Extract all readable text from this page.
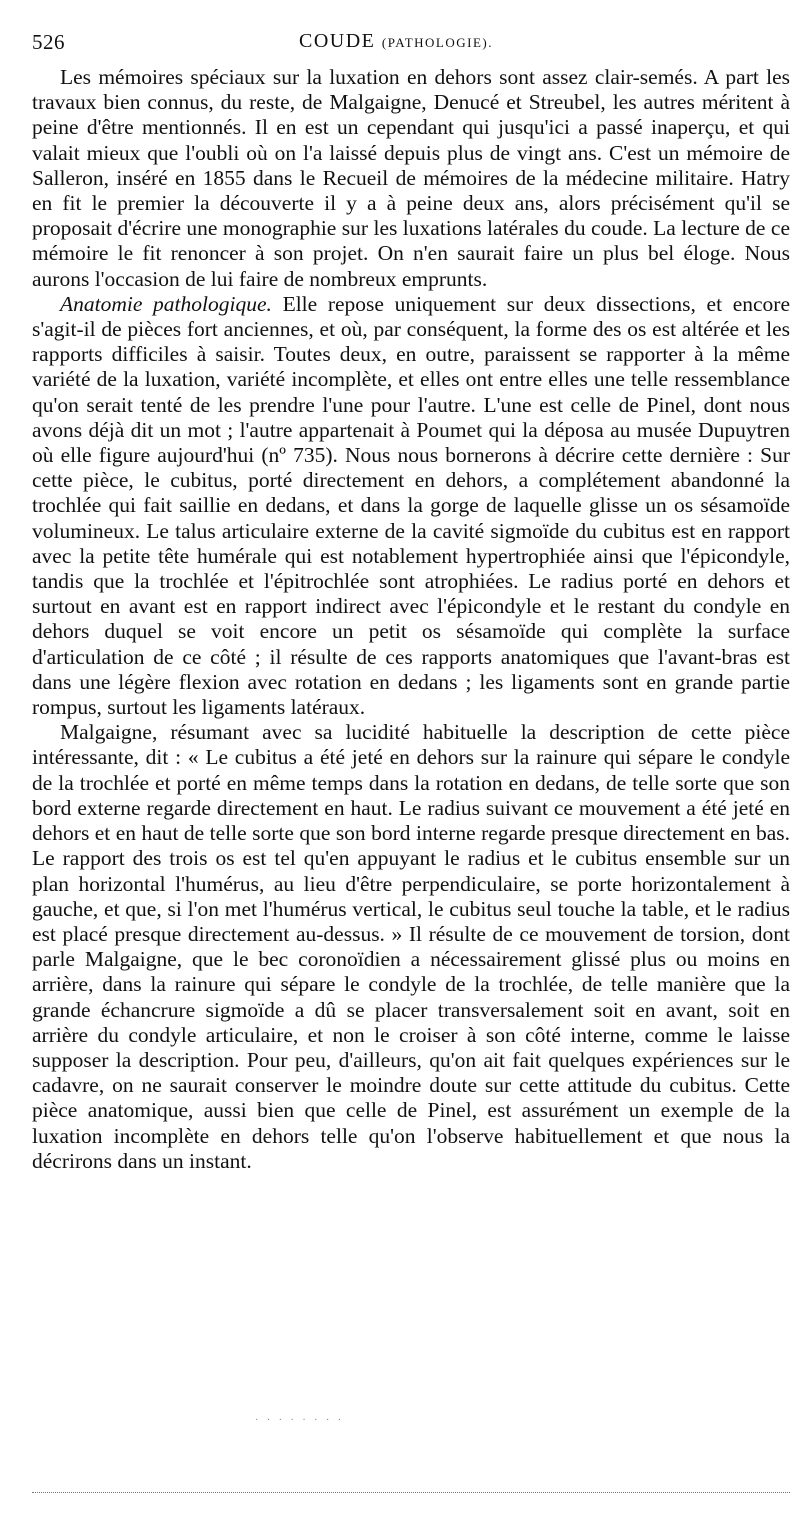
526	COUDE (PATHOLOGIE).

Les mémoires spéciaux sur la luxation en dehors sont assez clair-semés. A part les travaux bien connus, du reste, de Malgaigne, Denucé et Streubel, les autres méritent à peine d'être mentionnés. Il en est un cependant qui jusqu'ici a passé inaperçu, et qui valait mieux que l'oubli où on l'a laissé depuis plus de vingt ans. C'est un mémoire de Salleron, inséré en 1855 dans le Recueil de mémoires de la médecine militaire. Hatry en fit le premier la découverte il y a à peine deux ans, alors précisément qu'il se proposait d'écrire une monographie sur les luxations latérales du coude. La lecture de ce mémoire le fit renoncer à son projet. On n'en saurait faire un plus bel éloge. Nous aurons l'occasion de lui faire de nombreux emprunts.

Anatomie pathologique. Elle repose uniquement sur deux dissections, et encore s'agit-il de pièces fort anciennes, et où, par conséquent, la forme des os est altérée et les rapports difficiles à saisir. Toutes deux, en outre, paraissent se rapporter à la même variété de la luxation, variété incomplète, et elles ont entre elles une telle ressemblance qu'on serait tenté de les prendre l'une pour l'autre. L'une est celle de Pinel, dont nous avons déjà dit un mot ; l'autre appartenait à Poumet qui la déposa au musée Dupuytren où elle figure aujourd'hui (nº 735). Nous nous bornerons à décrire cette dernière : Sur cette pièce, le cubitus, porté directement en dehors, a complétement abandonné la trochlée qui fait saillie en dedans, et dans la gorge de laquelle glisse un os sésamoïde volumineux. Le talus articulaire externe de la cavité sigmoïde du cubitus est en rapport avec la petite tête humérale qui est notablement hypertrophiée ainsi que l'épicondyle, tandis que la trochlée et l'épitrochlée sont atrophiées. Le radius porté en dehors et surtout en avant est en rapport indirect avec l'épicondyle et le restant du condyle en dehors duquel se voit encore un petit os sésamoïde qui complète la surface d'articulation de ce côté ; il résulte de ces rapports anatomiques que l'avant-bras est dans une légère flexion avec rotation en dedans ; les ligaments sont en grande partie rompus, surtout les ligaments latéraux.

Malgaigne, résumant avec sa lucidité habituelle la description de cette pièce intéressante, dit : « Le cubitus a été jeté en dehors sur la rainure qui sépare le condyle de la trochlée et porté en même temps dans la rotation en dedans, de telle sorte que son bord externe regarde directement en haut. Le radius suivant ce mouvement a été jeté en dehors et en haut de telle sorte que son bord interne regarde presque directement en bas. Le rapport des trois os est tel qu'en appuyant le radius et le cubitus ensemble sur un plan horizontal l'humérus, au lieu d'être perpendiculaire, se porte horizontalement à gauche, et que, si l'on met l'humérus vertical, le cubitus seul touche la table, et le radius est placé presque directement au-dessus. » Il résulte de ce mouvement de torsion, dont parle Malgaigne, que le bec coronoïdien a nécessairement glissé plus ou moins en arrière, dans la rainure qui sépare le condyle de la trochlée, de telle manière que la grande échancrure sigmoïde a dû se placer transversalement soit en avant, soit en arrière du condyle articulaire, et non le croiser à son côté interne, comme le laisse supposer la description. Pour peu, d'ailleurs, qu'on ait fait quelques expériences sur le cadavre, on ne saurait conserver le moindre doute sur cette attitude du cubitus. Cette pièce anatomique, aussi bien que celle de Pinel, est assurément un exemple de la luxation incomplète en dehors telle qu'on l'observe habituellement et que nous la décrirons dans un instant.

· · · · · · · ·
